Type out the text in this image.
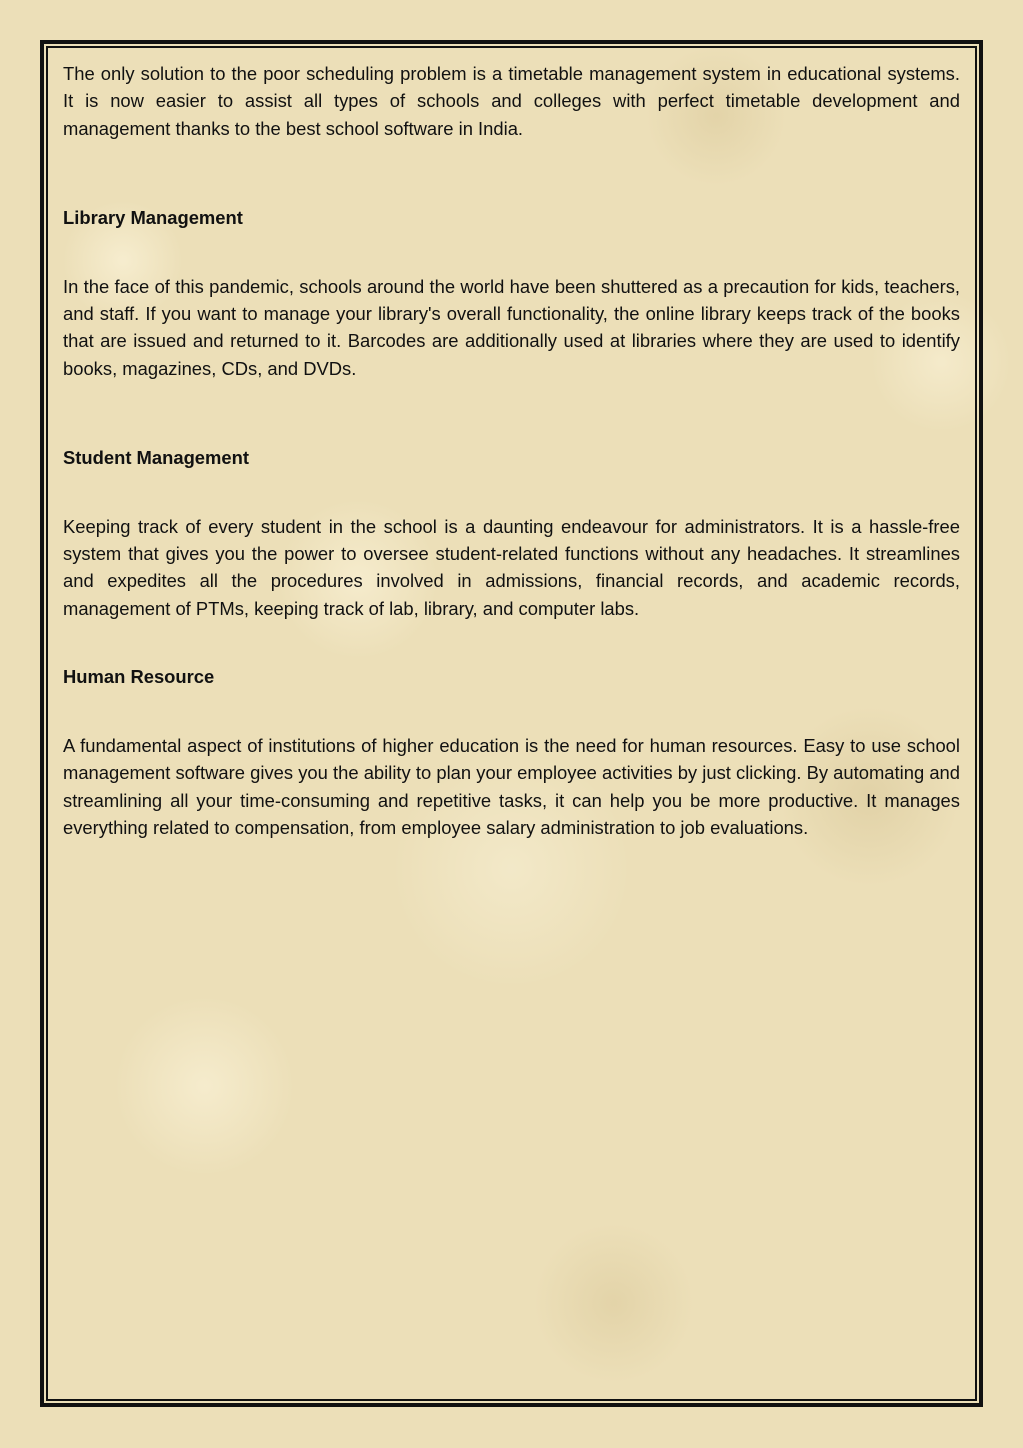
The only solution to the poor scheduling problem is a timetable management system in educational systems. It is now easier to assist all types of schools and colleges with perfect timetable development and management thanks to the best school software in India.

Library Management

In the face of this pandemic, schools around the world have been shuttered as a precaution for kids, teachers, and staff. If you want to manage your library's overall functionality, the online library keeps track of the books that are issued and returned to it. Barcodes are additionally used at libraries where they are used to identify books, magazines, CDs, and DVDs.

Student Management

Keeping track of every student in the school is a daunting endeavour for administrators. It is a hassle-free system that gives you the power to oversee student-related functions without any headaches. It streamlines and expedites all the procedures involved in admissions, financial records, and academic records, management of PTMs, keeping track of lab, library, and computer labs.

Human Resource

A fundamental aspect of institutions of higher education is the need for human resources. Easy to use school management software gives you the ability to plan your employee activities by just clicking. By automating and streamlining all your time-consuming and repetitive tasks, it can help you be more productive. It manages everything related to compensation, from employee salary administration to job evaluations.
